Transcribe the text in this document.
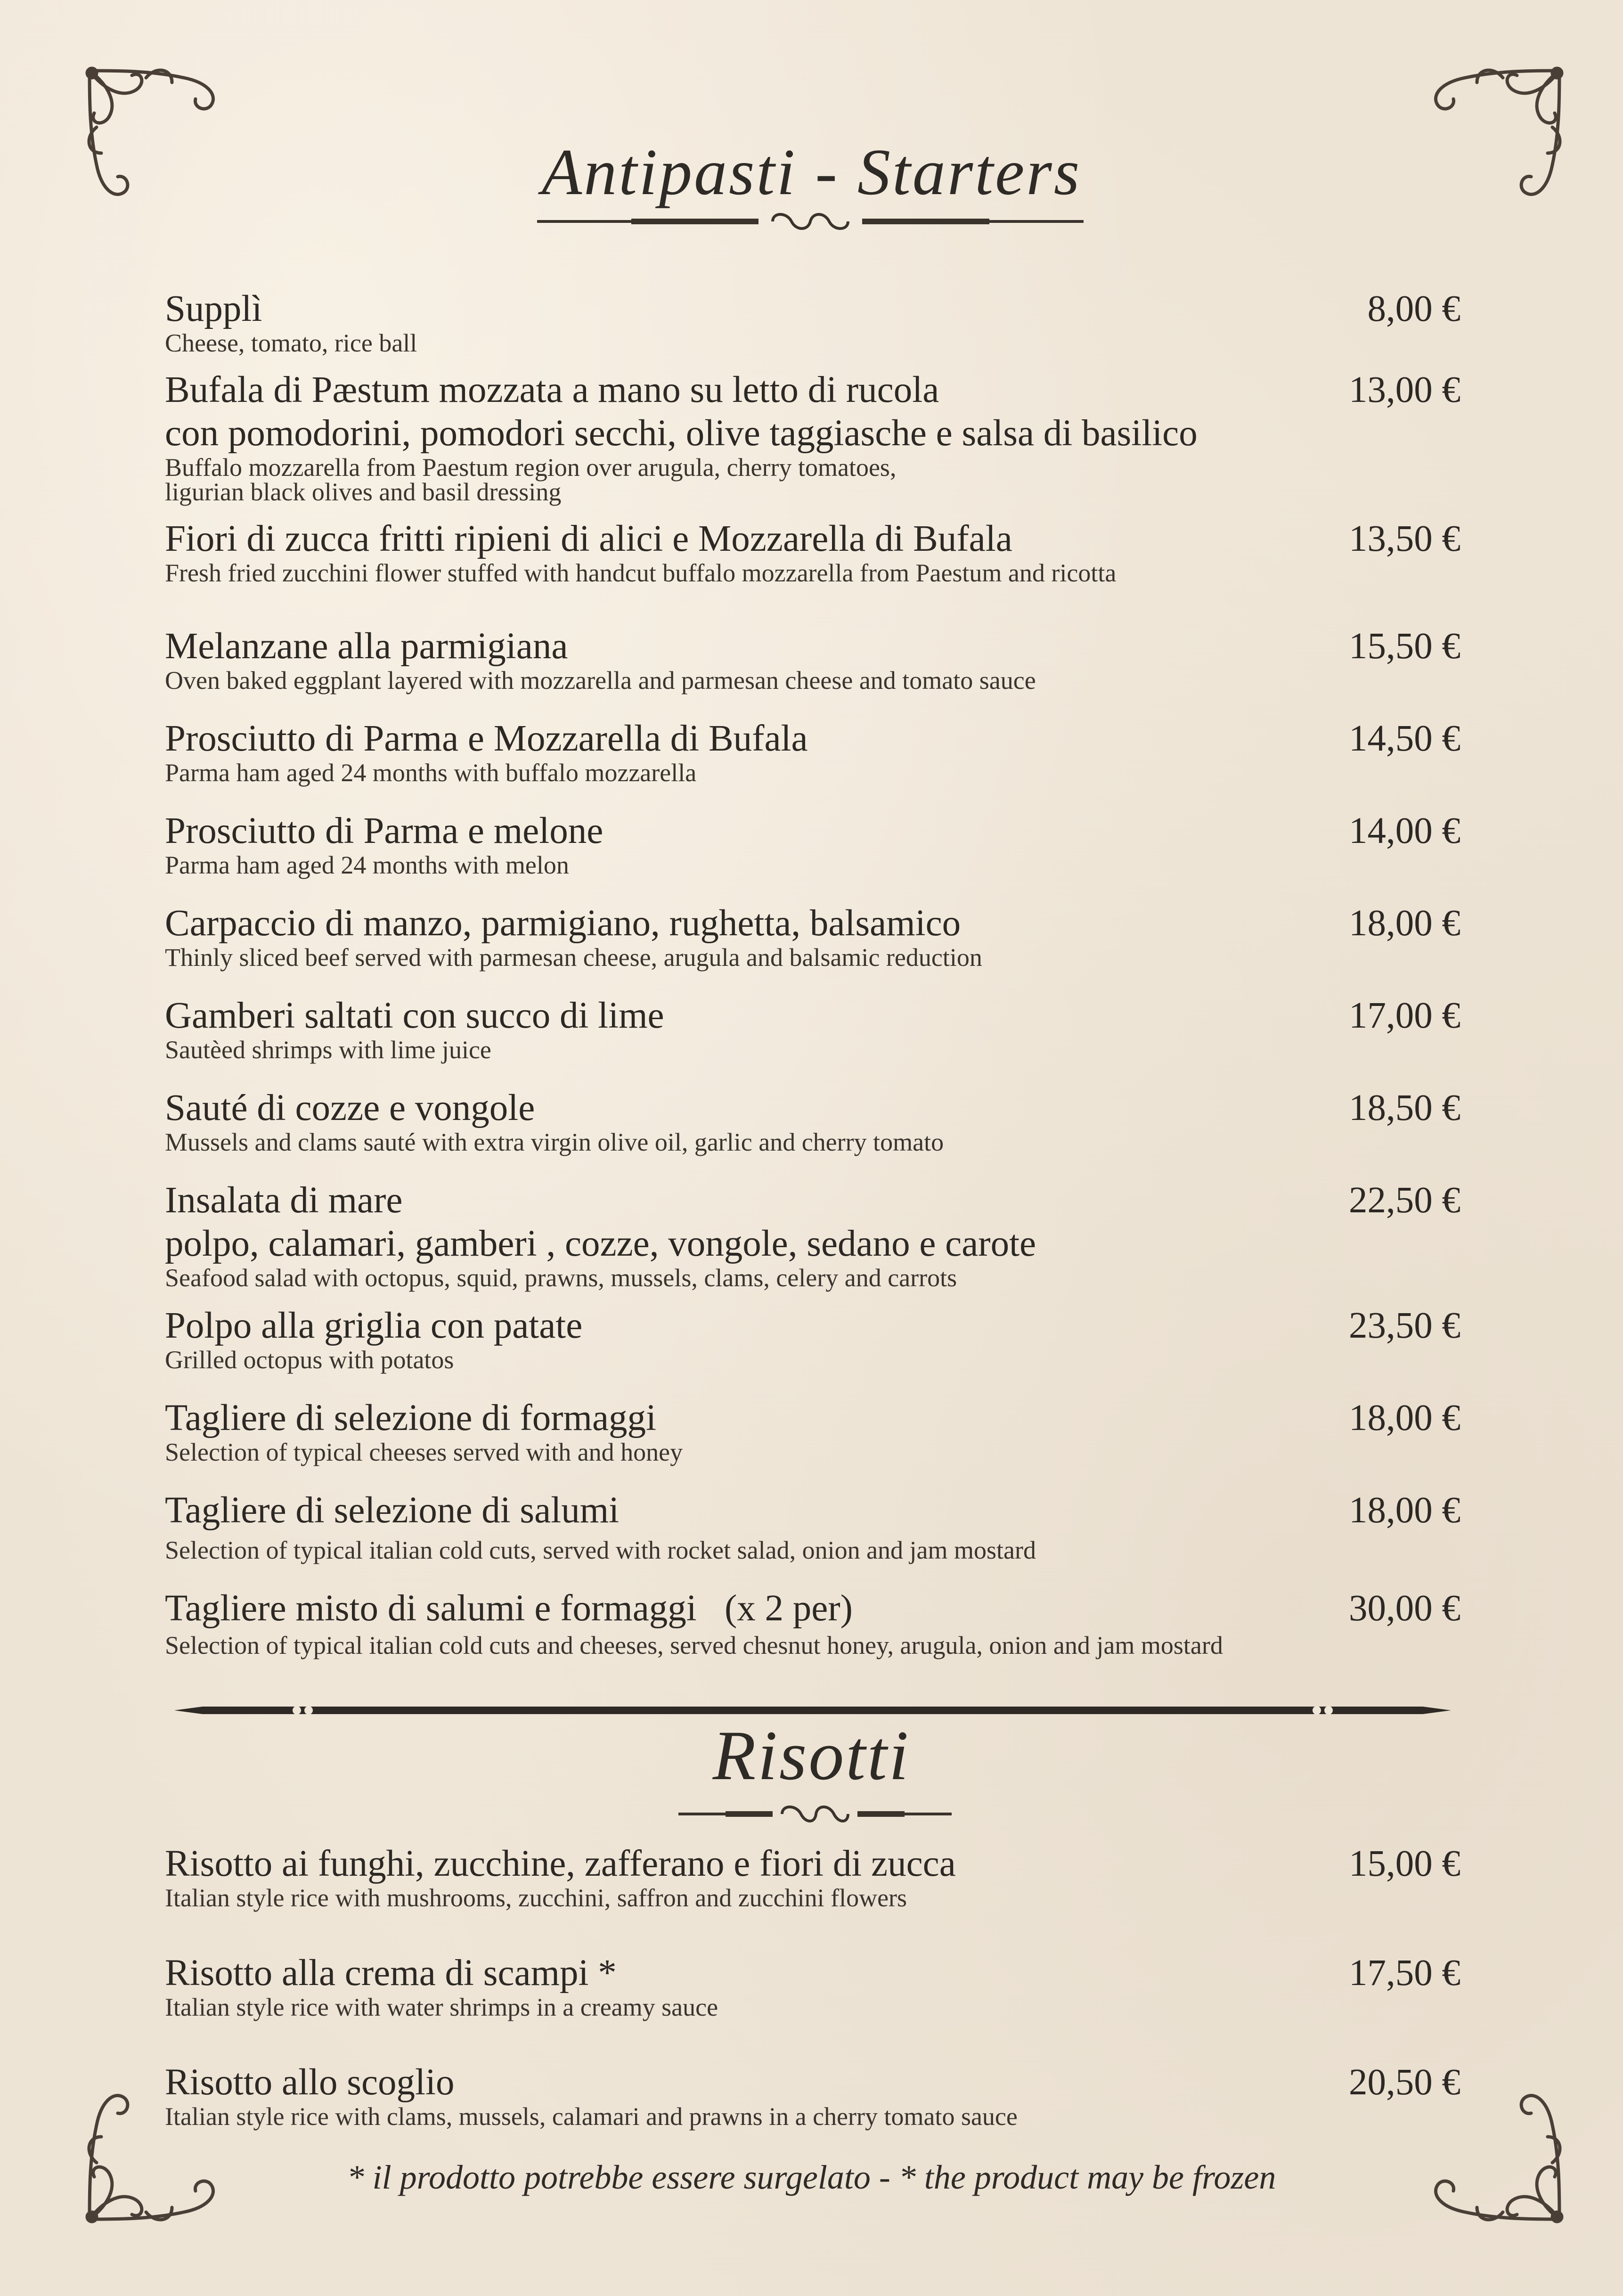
Antipasti - Starters
Supplì
Cheese, tomato, rice ball
8,00 €
Bufala di Pæstum mozzata a mano su letto di rucola
con pomodorini, pomodori secchi, olive taggiasche e salsa di basilico
Buffalo mozzarella from Paestum region over arugula, cherry tomatoes,
ligurian black olives and basil dressing
13,00 €
Fiori di zucca fritti ripieni di alici e Mozzarella di Bufala
Fresh fried zucchini flower stuffed with handcut buffalo mozzarella from Paestum and ricotta
13,50 €
Melanzane alla parmigiana
Oven baked eggplant layered with mozzarella and parmesan cheese and tomato sauce
15,50 €
Prosciutto di Parma e Mozzarella di Bufala
Parma ham aged 24 months with buffalo mozzarella
14,50 €
Prosciutto di Parma e melone
Parma ham aged 24 months with melon
14,00 €
Carpaccio di manzo, parmigiano, rughetta, balsamico
Thinly sliced beef served with parmesan cheese, arugula and balsamic reduction
18,00 €
Gamberi saltati con succo di lime
Sautèed shrimps with lime juice
17,00 €
Sauté di cozze e vongole
Mussels and clams sauté with extra virgin olive oil, garlic and cherry tomato
18,50 €
Insalata di mare
polpo, calamari, gamberi , cozze, vongole, sedano e carote
Seafood salad with octopus, squid, prawns, mussels, clams, celery and carrots
22,50 €
Polpo alla griglia con patate
Grilled octopus with potatos
23,50 €
Tagliere di selezione di formaggi
Selection of typical cheeses served with and honey
18,00 €
Tagliere di selezione di salumi
Selection of typical italian cold cuts, served with rocket salad, onion and jam mostard
18,00 €
Tagliere misto di salumi e formaggi   (x 2 per)
Selection of typical italian cold cuts and cheeses, served chesnut honey, arugula, onion and jam mostard
30,00 €
Risotti
Risotto ai funghi, zucchine, zafferano e fiori di zucca
Italian style rice with mushrooms, zucchini, saffron and zucchini flowers
15,00 €
Risotto alla crema di scampi *
Italian style rice with water shrimps in a creamy sauce
17,50 €
Risotto allo scoglio
Italian style rice with clams, mussels, calamari and prawns in a cherry tomato sauce
20,50 €
* il prodotto potrebbe essere surgelato - * the product may be frozen
